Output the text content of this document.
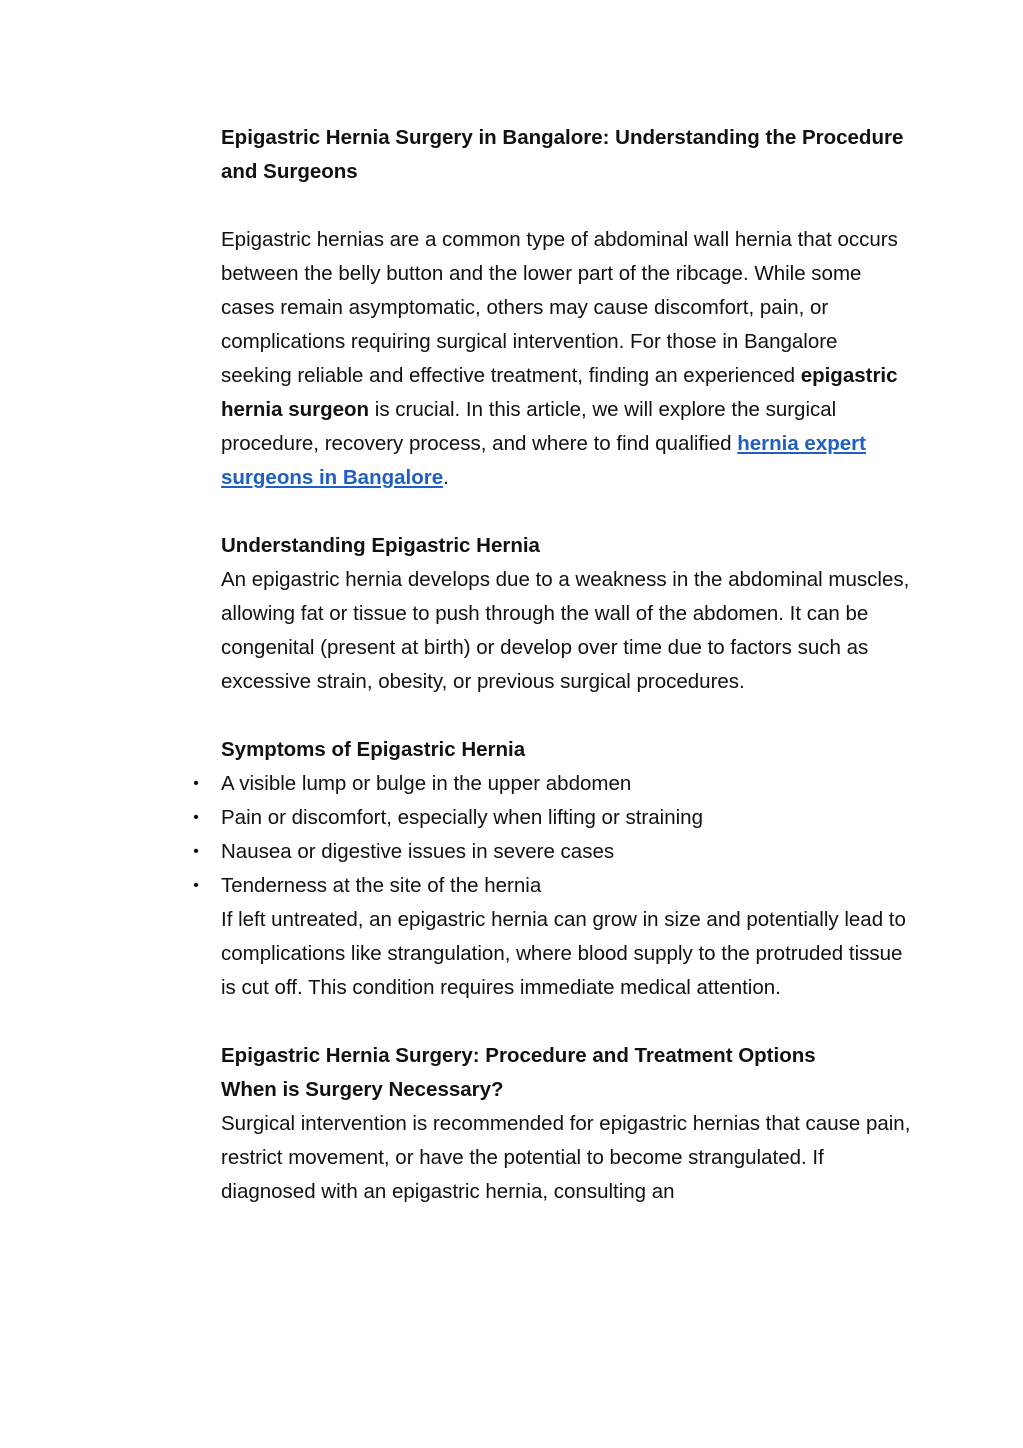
Epigastric Hernia Surgery in Bangalore: Understanding the Procedure and Surgeons

Epigastric hernias are a common type of abdominal wall hernia that occurs between the belly button and the lower part of the ribcage. While some cases remain asymptomatic, others may cause discomfort, pain, or complications requiring surgical intervention. For those in Bangalore seeking reliable and effective treatment, finding an experienced epigastric hernia surgeon is crucial. In this article, we will explore the surgical procedure, recovery process, and where to find qualified hernia expert surgeons in Bangalore.

Understanding Epigastric Hernia

An epigastric hernia develops due to a weakness in the abdominal muscles, allowing fat or tissue to push through the wall of the abdomen. It can be congenital (present at birth) or develop over time due to factors such as excessive strain, obesity, or previous surgical procedures.

Symptoms of Epigastric Hernia

• A visible lump or bulge in the upper abdomen
• Pain or discomfort, especially when lifting or straining
• Nausea or digestive issues in severe cases
• Tenderness at the site of the hernia

If left untreated, an epigastric hernia can grow in size and potentially lead to complications like strangulation, where blood supply to the protruded tissue is cut off. This condition requires immediate medical attention.

Epigastric Hernia Surgery: Procedure and Treatment Options

When is Surgery Necessary?

Surgical intervention is recommended for epigastric hernias that cause pain, restrict movement, or have the potential to become strangulated. If diagnosed with an epigastric hernia, consulting an
